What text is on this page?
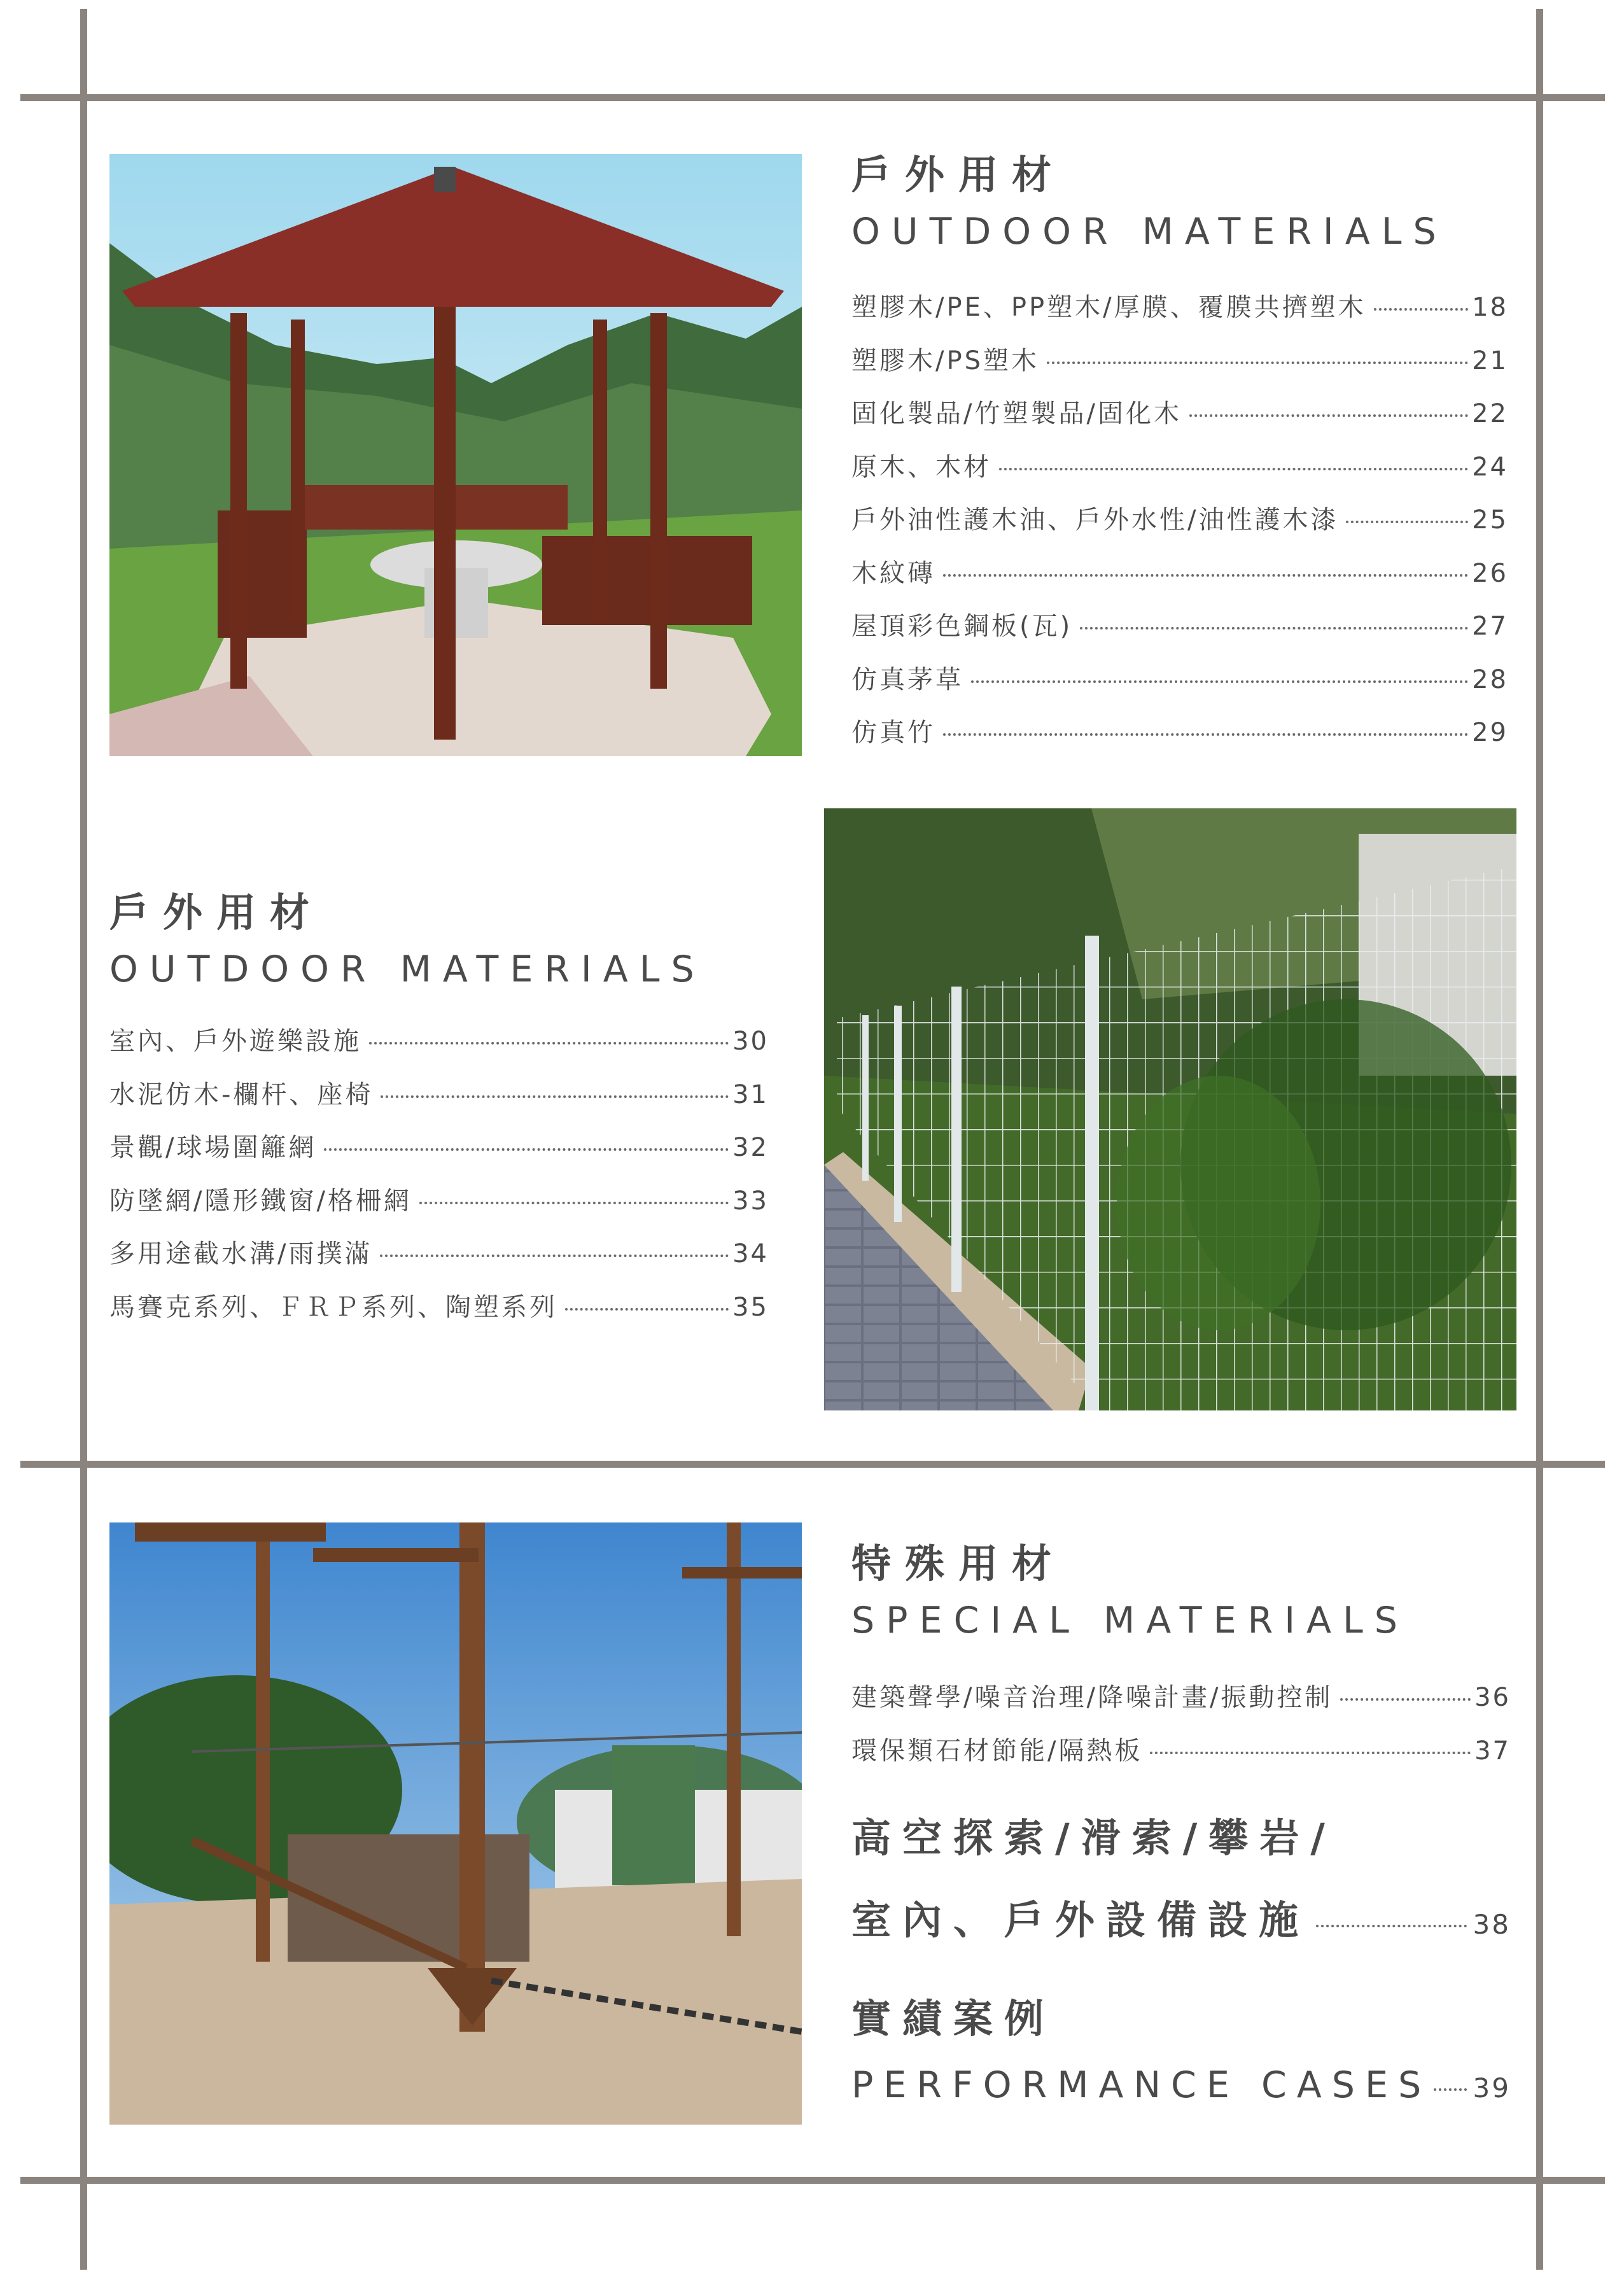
戶外用材
OUTDOOR MATERIALS
塑膠木/PE、PP塑木/厚膜、覆膜共擠塑木	18
塑膠木/PS塑木	21
固化製品/竹塑製品/固化木	22
原木、木材	24
戶外油性護木油、戶外水性/油性護木漆	25
木紋磚	26
屋頂彩色鋼板(瓦)	27
仿真茅草	28
仿真竹	29
戶外用材
OUTDOOR MATERIALS
室內、戶外遊樂設施	30
水泥仿木-欄杆、座椅	31
景觀/球場圍籬網	32
防墜網/隱形鐵窗/格柵網	33
多用途截水溝/雨撲滿	34
馬賽克系列、ＦＲＰ系列、陶塑系列	35
特殊用材
SPECIAL MATERIALS
建築聲學/噪音治理/降噪計畫/振動控制	36
環保類石材節能/隔熱板	37
高空探索/滑索/攀岩/
室內、戶外設備設施	38
實績案例
PERFORMANCE CASES 39
